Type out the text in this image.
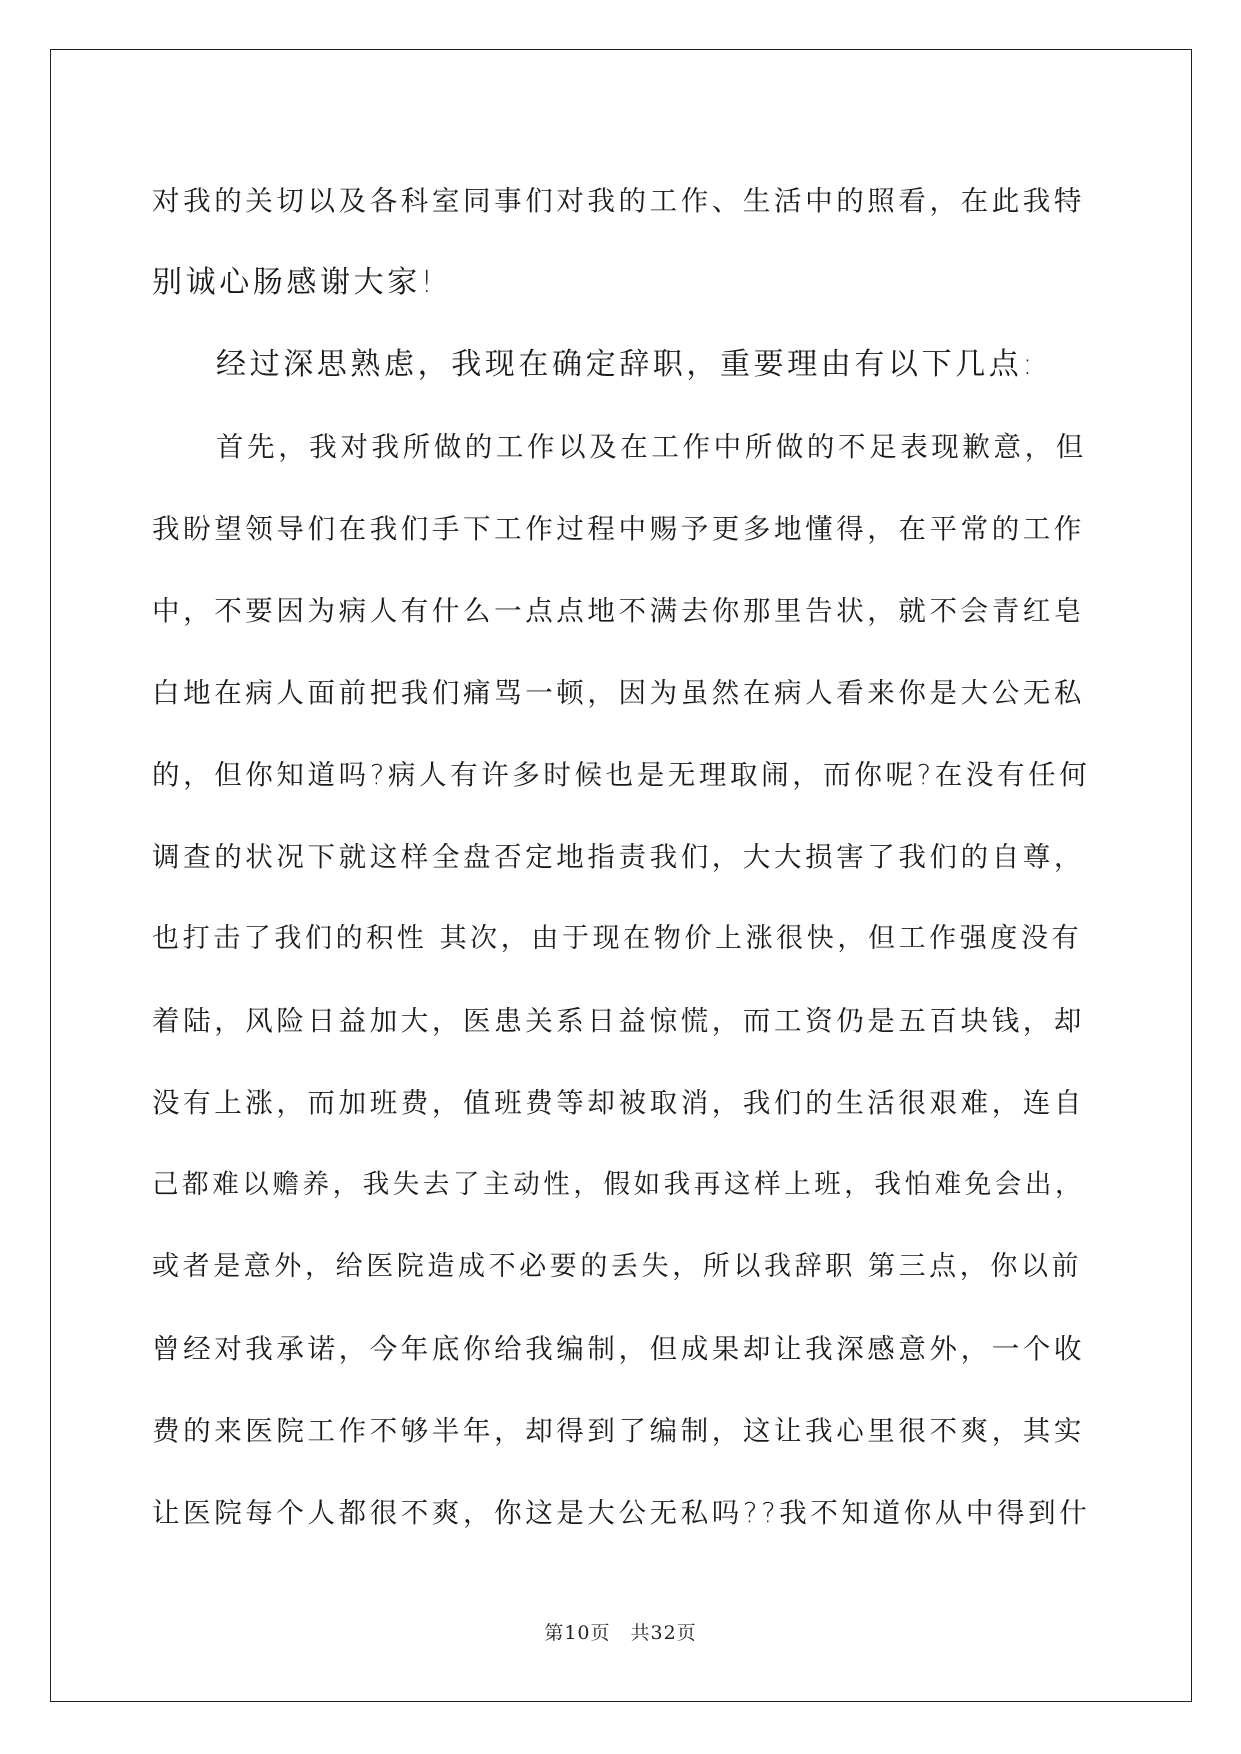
对我的关切以及各科室同事们对我的工作、生活中的照看，在此我特
别诚心肠感谢大家!
经过深思熟虑，我现在确定辞职，重要理由有以下几点:
首先，我对我所做的工作以及在工作中所做的不足表现歉意，但
我盼望领导们在我们手下工作过程中赐予更多地懂得，在平常的工作
中，不要因为病人有什么一点点地不满去你那里告状，就不会青红皂
白地在病人面前把我们痛骂一顿，因为虽然在病人看来你是大公无私
的，但你知道吗?病人有许多时候也是无理取闹，而你呢?在没有任何
调查的状况下就这样全盘否定地指责我们，大大损害了我们的自尊，
也打击了我们的积性 其次，由于现在物价上涨很快，但工作强度没有
着陆，风险日益加大，医患关系日益惊慌，而工资仍是五百块钱，却
没有上涨，而加班费，值班费等却被取消，我们的生活很艰难，连自
己都难以赡养，我失去了主动性，假如我再这样上班，我怕难免会出，
或者是意外，给医院造成不必要的丢失，所以我辞职 第三点，你以前
曾经对我承诺，今年底你给我编制，但成果却让我深感意外，一个收
费的来医院工作不够半年，却得到了编制，这让我心里很不爽，其实
让医院每个人都很不爽，你这是大公无私吗??我不知道你从中得到什
第10页　共32页
